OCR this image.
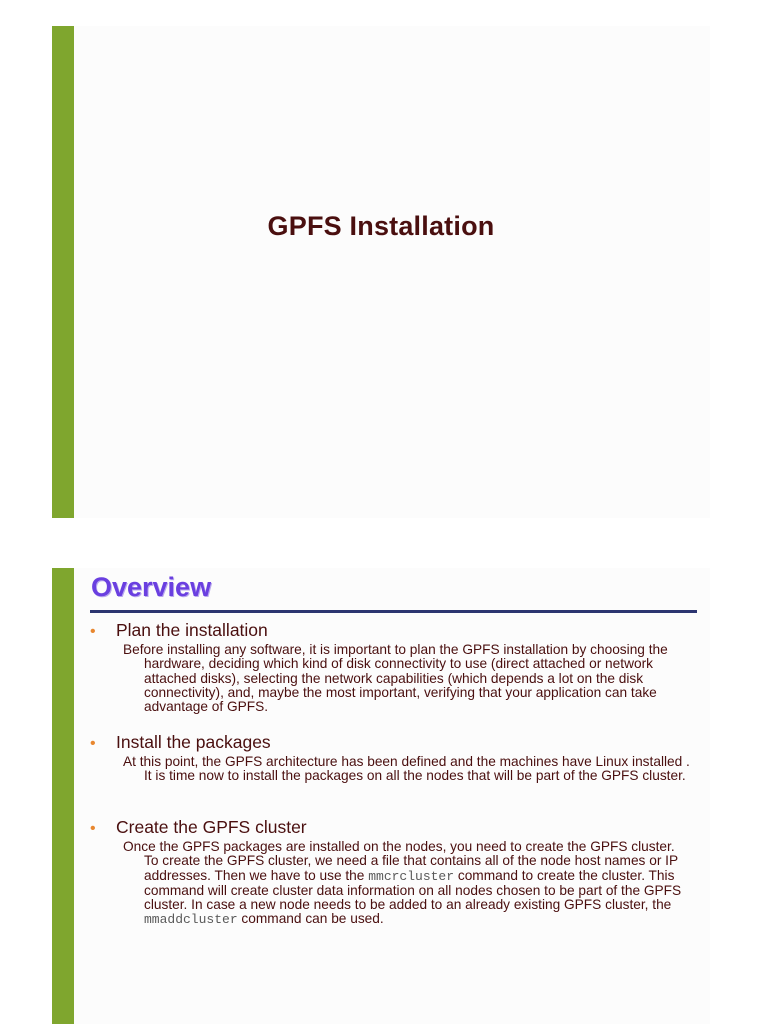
GPFS Installation
Overview
•	Plan the installation
Before installing any software, it is important to plan the GPFS installation by choosing the hardware, deciding which kind of disk connectivity to use (direct attached or network attached disks), selecting the network capabilities (which depends a lot on the disk connectivity), and, maybe the most important, verifying that your application can take advantage of GPFS.
•	Install the packages
At this point, the GPFS architecture has been defined and the machines have Linux installed . It is time now to install the packages on all the nodes that will be part of the GPFS cluster.
•	Create the GPFS cluster
Once the GPFS packages are installed on the nodes, you need to create the GPFS cluster. To create the GPFS cluster, we need a file that contains all of the node host names or IP addresses. Then we have to use the mmcrcluster command to create the cluster. This command will create cluster data information on all nodes chosen to be part of the GPFS cluster. In case a new node needs to be added to an already existing GPFS cluster, the mmaddcluster command can be used.
